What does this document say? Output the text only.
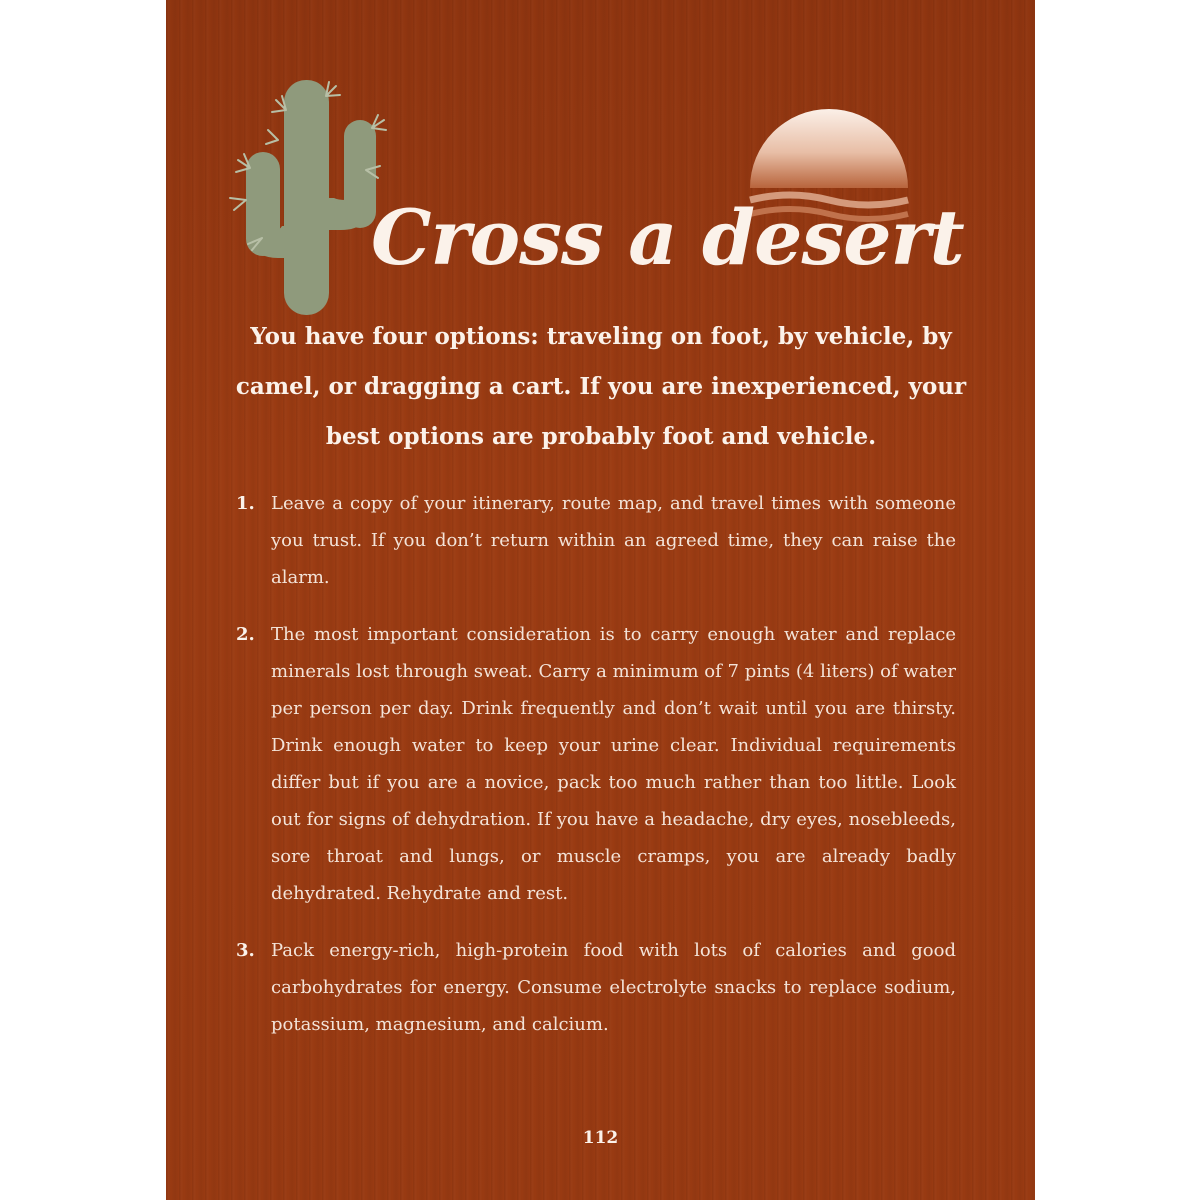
Cross a desert

You have four options: traveling on foot, by vehicle, by camel, or dragging a cart. If you are inexperienced, your best options are probably foot and vehicle.

1. Leave a copy of your itinerary, route map, and travel times with someone you trust. If you don’t return within an agreed time, they can raise the alarm.
2. The most important consideration is to carry enough water and replace minerals lost through sweat. Carry a minimum of 7 pints (4 liters) of water per person per day. Drink frequently and don’t wait until you are thirsty. Drink enough water to keep your urine clear. Individual requirements differ but if you are a novice, pack too much rather than too little. Look out for signs of dehydration. If you have a headache, dry eyes, nosebleeds, sore throat and lungs, or muscle cramps, you are already badly dehydrated. Rehydrate and rest.
3. Pack energy-rich, high-protein food with lots of calories and good carbohydrates for energy. Consume electrolyte snacks to replace sodium, potassium, magnesium, and calcium.
112
